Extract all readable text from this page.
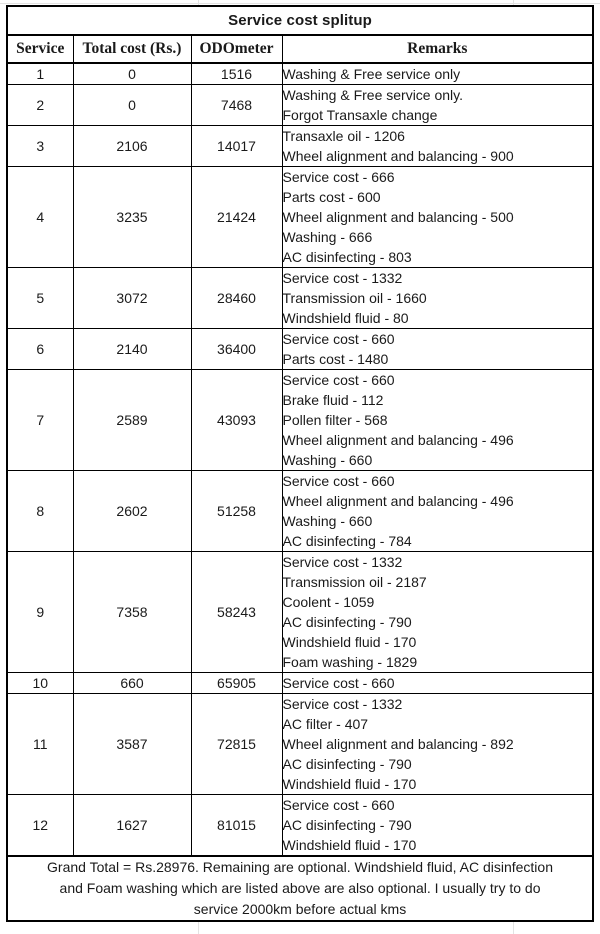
Service cost splitup			
Service	Total cost (Rs.)	ODOmeter	Remarks
1	0	1516	Washing & Free service only

2	0	7468	Washing & Free service only.
Forgot Transaxle change

3	2106	14017	Transaxle oil - 1206
Wheel alignment and balancing - 900

4	3235	21424	Service cost - 666
Parts cost - 600
Wheel alignment and balancing - 500
Washing - 666
AC disinfecting - 803

5	3072	28460	Service cost - 1332
Transmission oil - 1660
Windshield fluid - 80

6	2140	36400	Service cost - 660
Parts cost - 1480

7	2589	43093	Service cost - 660
Brake fluid - 112
Pollen filter - 568
Wheel alignment and balancing - 496
Washing - 660

8	2602	51258	Service cost - 660
Wheel alignment and balancing - 496
Washing - 660
AC disinfecting - 784

9	7358	58243	
Service cost - 1332
Transmission oil - 2187
Coolent - 1059
AC disinfecting - 790
Windshield fluid - 170
Foam washing - 1829

10	660	65905	Service cost - 660

11	3587	72815	Service cost - 1332
AC filter - 407
Wheel alignment and balancing - 892
AC disinfecting - 790
Windshield fluid - 170

12	1627	81015	Service cost - 660
AC disinfecting - 790
Windshield fluid - 170

Grand Total = Rs.28976. Remaining are optional. Windshield fluid, AC disinfection
and Foam washing which are listed above are also optional. I usually try to do
service 2000km before actual kms			
